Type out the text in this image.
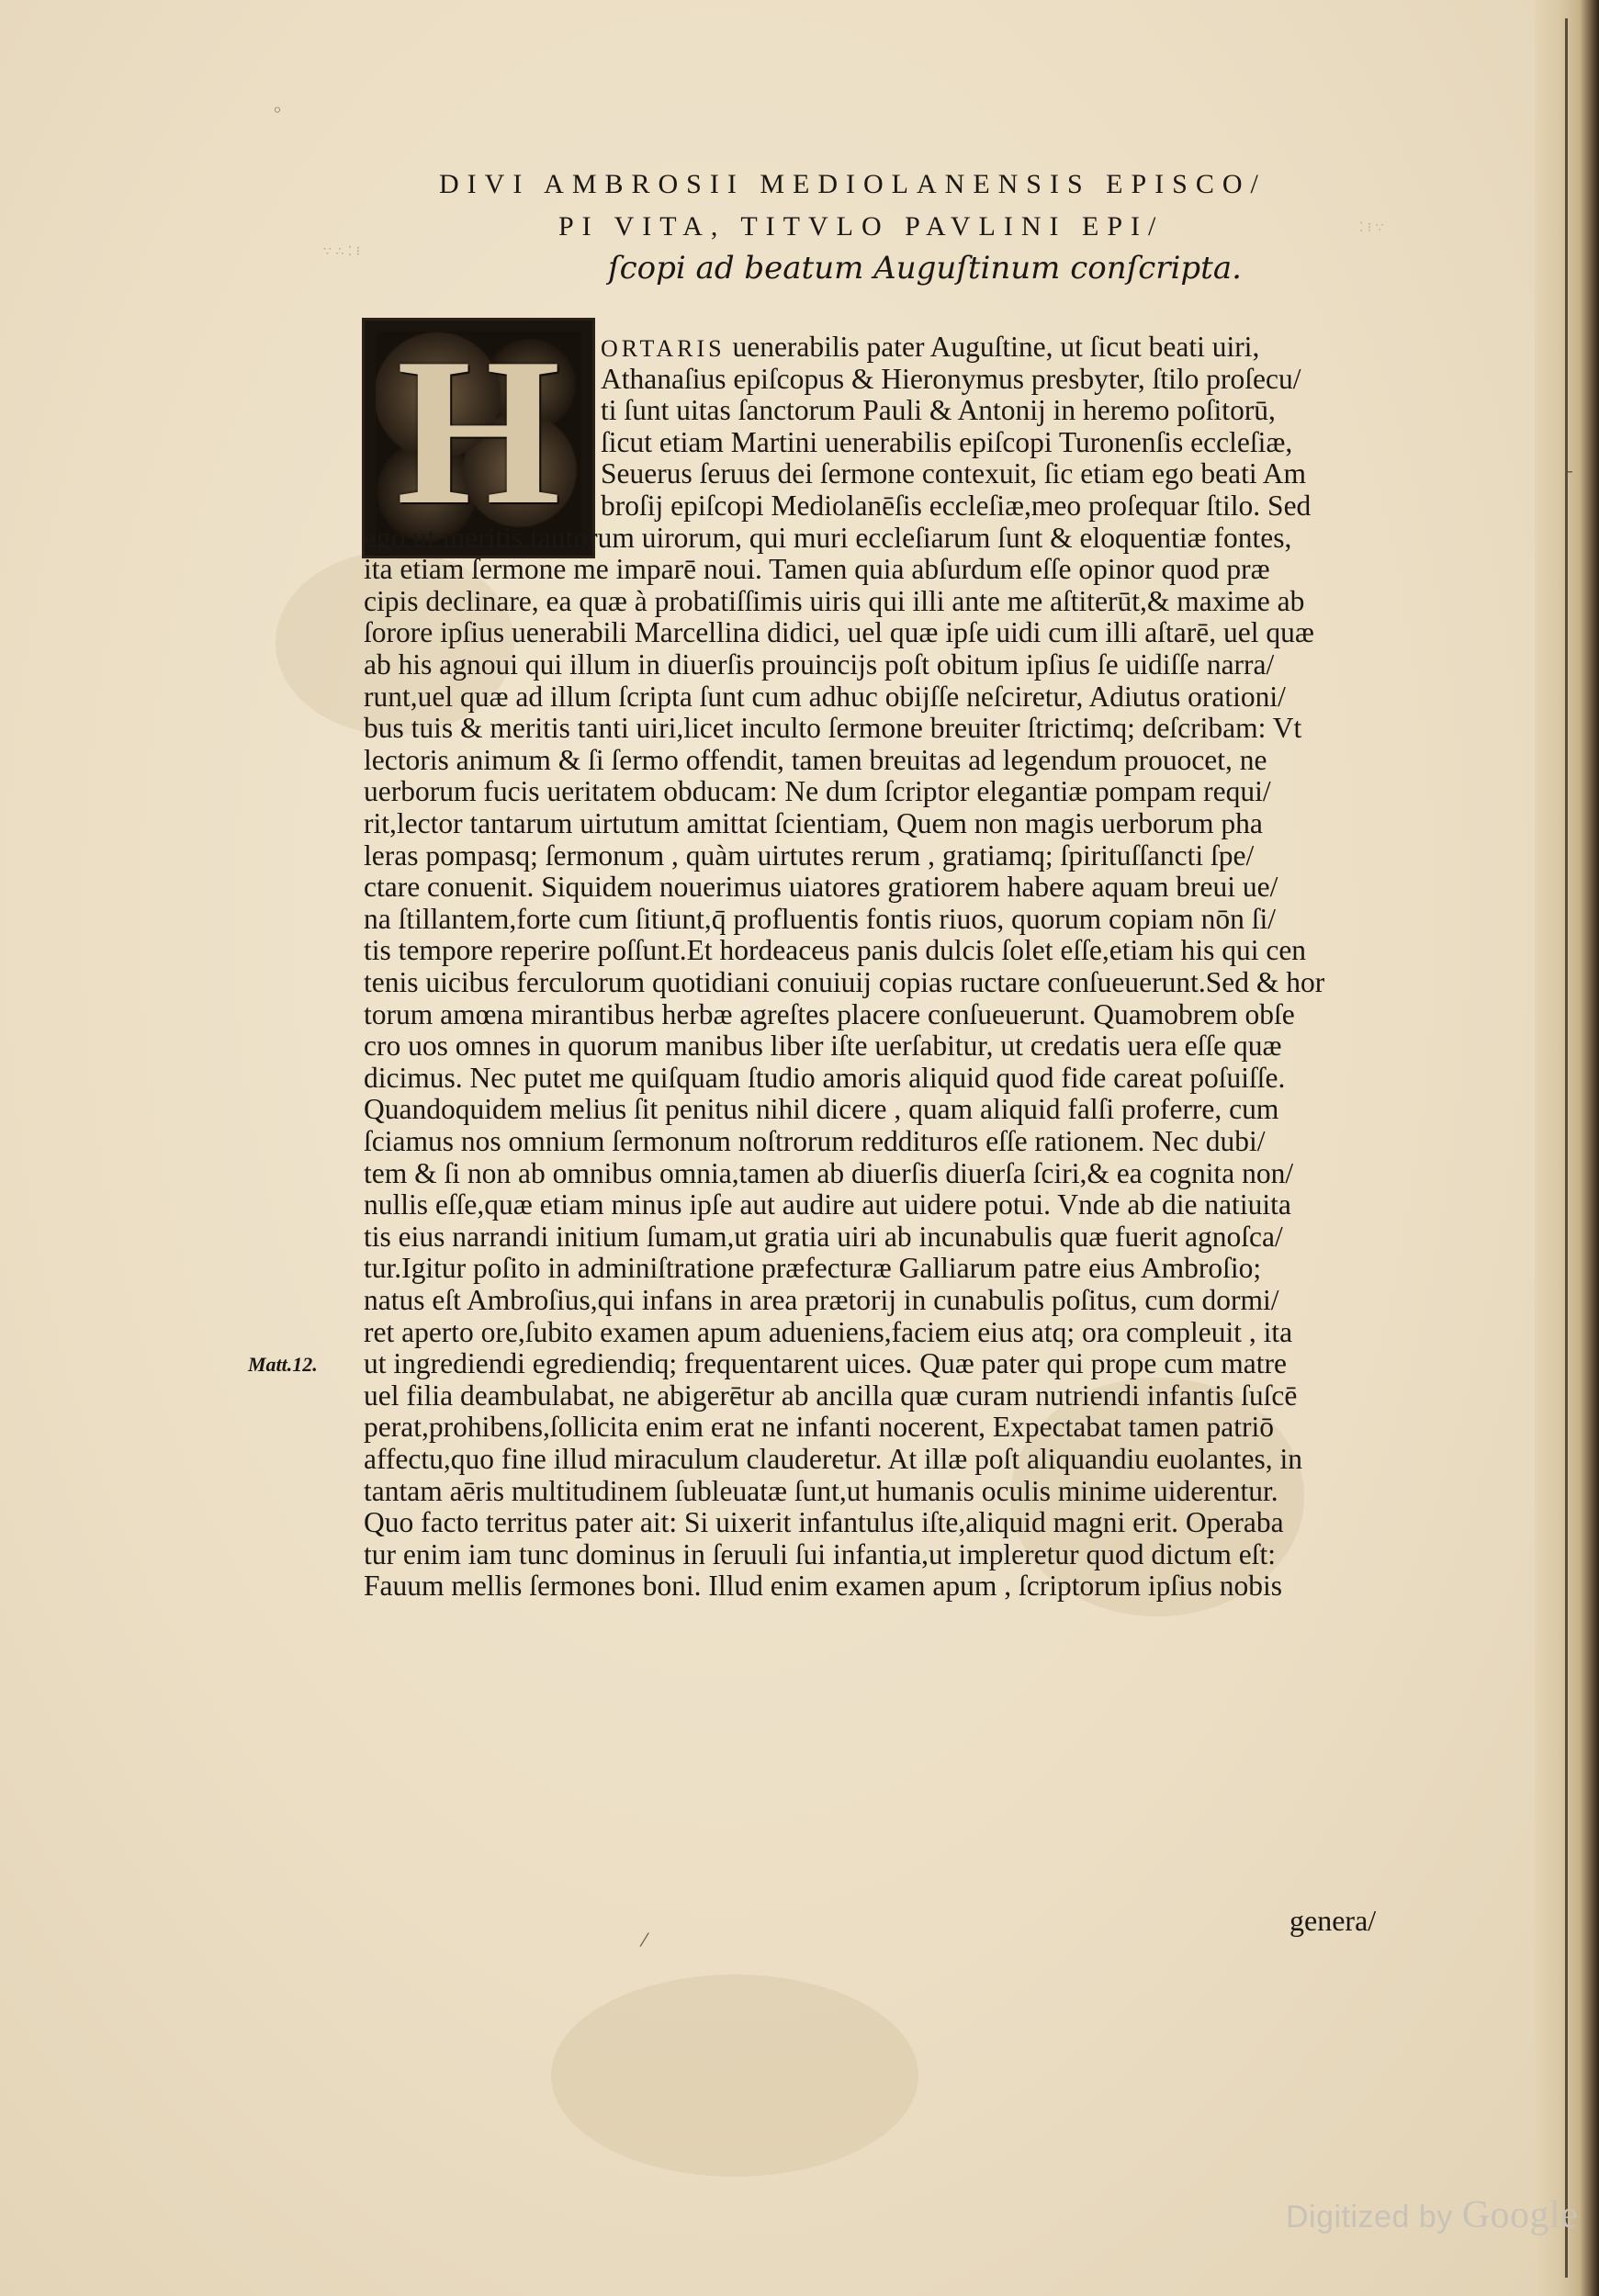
◦
-
⁄
∵ ∴ ⁚ ⁝
⁚ ⁝ ∵
DIVI AMBROSII MEDIOLANENSIS EPISCO/
PI VITA, TITVLO PAVLINI EPI/
ſcopi ad beatum Auguſtinum conſcripta.
H
Matt.12.
ORTARIS uenerabilis pater Auguſtine, ut ſicut beati uiri,
Athanaſius epiſcopus & Hieronymus presbyter, ſtilo proſecu/
ti ſunt uitas ſanctorum Pauli & Antonij in heremo poſitorū,
ſicut etiam Martini uenerabilis epiſcopi Turonenſis eccleſiæ,
Seuerus ſeruus dei ſermone contexuit, ſic etiam ego beati Am
broſij epiſcopi Mediolanēſis eccleſiæ,meo proſequar ſtilo. Sed
ego ut meritis tantorum uirorum, qui muri eccleſiarum ſunt & eloquentiæ fontes,
ita etiam ſermone me imparē noui. Tamen quia abſurdum eſſe opinor quod præ
cipis declinare, ea quæ à probatiſſimis uiris qui illi ante me aſtiterūt,& maxime ab
ſorore ipſius uenerabili Marcellina didici, uel quæ ipſe uidi cum illi aſtarē, uel quæ
ab his agnoui qui illum in diuerſis prouincijs poſt obitum ipſius ſe uidiſſe narra/
runt,uel quæ ad illum ſcripta ſunt cum adhuc obijſſe neſciretur, Adiutus orationi/
bus tuis & meritis tanti uiri,licet inculto ſermone breuiter ſtrictimq; deſcribam: Vt
lectoris animum & ſi ſermo offendit, tamen breuitas ad legendum prouocet, ne
uerborum fucis ueritatem obducam: Ne dum ſcriptor elegantiæ pompam requi/
rit,lector tantarum uirtutum amittat ſcientiam, Quem non magis uerborum pha
leras pompasq; ſermonum , quàm uirtutes rerum , gratiamq; ſpirituſſancti ſpe/
ctare conuenit. Siquidem nouerimus uiatores gratiorem habere aquam breui ue/
na ſtillantem,forte cum ſitiunt,q̄ profluentis fontis riuos, quorum copiam nōn ſi/
tis tempore reperire poſſunt.Et hordeaceus panis dulcis ſolet eſſe,etiam his qui cen
tenis uicibus ferculorum quotidiani conuiuij copias ructare conſueuerunt.Sed & hor
torum amœna mirantibus herbæ agreſtes placere conſueuerunt. Quamobrem obſe
cro uos omnes in quorum manibus liber iſte uerſabitur, ut credatis uera eſſe quæ
dicimus. Nec putet me quiſquam ſtudio amoris aliquid quod fide careat poſuiſſe.
Quandoquidem melius ſit penitus nihil dicere , quam aliquid falſi proferre, cum
ſciamus nos omnium ſermonum noſtrorum reddituros eſſe rationem. Nec dubi/
tem & ſi non ab omnibus omnia,tamen ab diuerſis diuerſa ſciri,& ea cognita non/
nullis eſſe,quæ etiam minus ipſe aut audire aut uidere potui. Vnde ab die natiuita
tis eius narrandi initium ſumam,ut gratia uiri ab incunabulis quæ fuerit agnoſca/
tur.Igitur poſito in adminiſtratione præfecturæ Galliarum patre eius Ambroſio;
natus eſt Ambroſius,qui infans in area prætorij in cunabulis poſitus, cum dormi/
ret aperto ore,ſubito examen apum adueniens,faciem eius atq; ora compleuit , ita
ut ingrediendi egrediendiq; frequentarent uices. Quæ pater qui prope cum matre
uel filia deambulabat, ne abigerētur ab ancilla quæ curam nutriendi infantis ſuſcē
perat,prohibens,ſollicita enim erat ne infanti nocerent, Expectabat tamen patriō
affectu,quo fine illud miraculum clauderetur. At illæ poſt aliquandiu euolantes, in
tantam aēris multitudinem ſubleuatæ ſunt,ut humanis oculis minime uiderentur.
Quo facto territus pater ait: Si uixerit infantulus iſte,aliquid magni erit. Operaba
tur enim iam tunc dominus in ſeruuli ſui infantia,ut impleretur quod dictum eſt:
Fauum mellis ſermones boni. Illud enim examen apum , ſcriptorum ipſius nobis
genera/
Digitized by Google
